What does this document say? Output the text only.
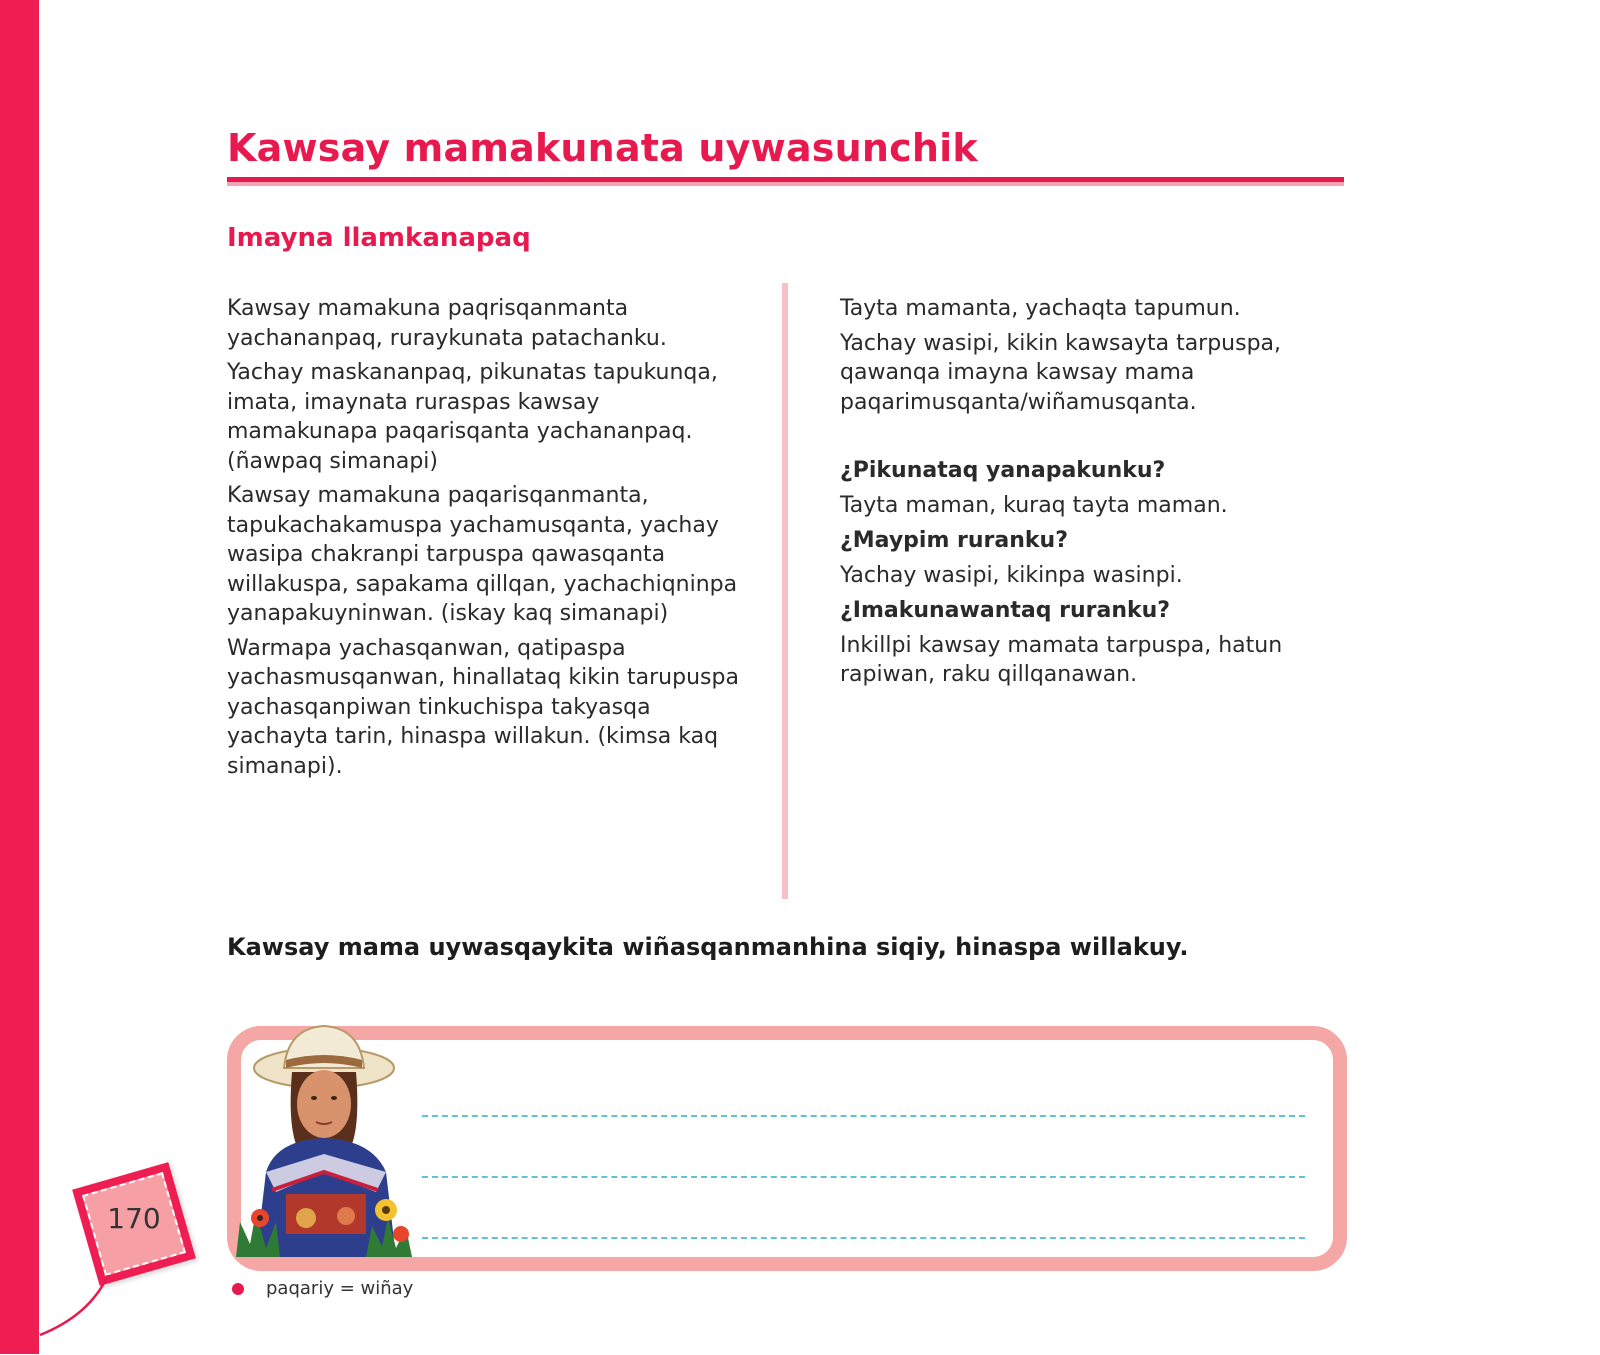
Kawsay mamakunata uywasunchik
Imayna llamkanapaq

Kawsay mamakuna paqrisqanmanta yachananpaq, ruraykunata patachanku.

Yachay maskananpaq, pikunatas tapukunqa, imata, imaynata ruraspas kawsay mamakunapa paqarisqanta yachananpaq. (ñawpaq simanapi)

Kawsay mamakuna paqarisqanmanta, tapukachakamuspa yachamusqanta, yachay wasipa chakranpi tarpuspa qawasqanta willakuspa, sapakama qillqan, yachachiqninpa yanapakuyninwan. (iskay kaq simanapi)

Warmapa yachasqanwan, qatipaspa yachasmusqanwan, hinallataq kikin tarupuspa yachasqanpiwan tinkuchispa takyasqa yachayta tarin, hinaspa willakun. (kimsa kaq simanapi).

Tayta mamanta, yachaqta tapumun.

Yachay wasipi, kikin kawsayta tarpuspa, qawanqa imayna kawsay mama paqarimusqanta/wiñamusqanta.

¿Pikunataq yanapakunku?

Tayta maman, kuraq tayta maman.

¿Maypim ruranku?

Yachay wasipi, kikinpa wasinpi.

¿Imakunawantaq ruranku?

Inkillpi kawsay mamata tarpuspa, hatun rapiwan, raku qillqanawan.

Kawsay mama uywasqaykita wiñasqanmanhina siqiy, hinaspa willakuy.

170
paqariy = wiñay
